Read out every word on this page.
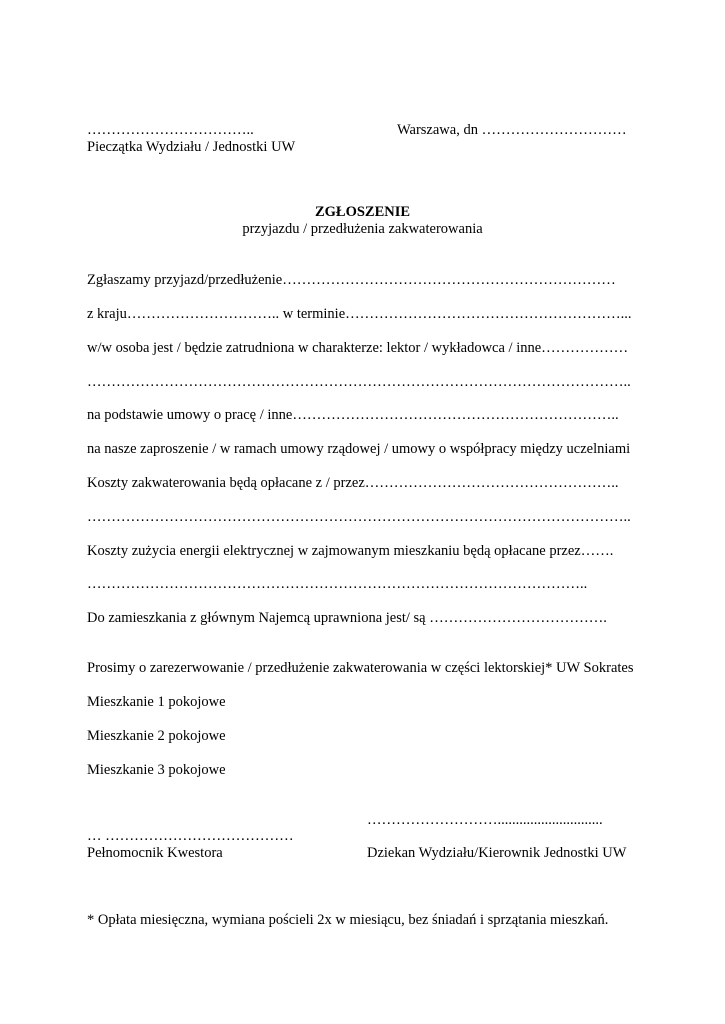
……………………………..
Pieczątka Wydziału / Jednostki UW
Warszawa, dn …………………………
ZGŁOSZENIE
przyjazdu / przedłużenia zakwaterowania
Zgłaszamy przyjazd/przedłużenie……………………………………………………………
z kraju………………………….. w terminie…………………………………………………...
w/w osoba jest / będzie zatrudniona w charakterze: lektor / wykładowca / inne………………
…………………………………………………………………………………………………..
na podstawie umowy o pracę / inne…………………………………………………………..
na nasze zaproszenie / w ramach umowy rządowej / umowy o współpracy między uczelniami
Koszty zakwaterowania będą opłacane z / przez……………………………………………..
…………………………………………………………………………………………………..
Koszty zużycia energii elektrycznej w zajmowanym mieszkaniu będą opłacane przez…….
…………………………………………………………………………………………..
Do zamieszkania z głównym Najemcą uprawniona jest/ są ……………………………….
Prosimy o zarezerwowanie / przedłużenie zakwaterowania w części lektorskiej* UW Sokrates
Mieszkanie 1 pokojowe
Mieszkanie 2 pokojowe
Mieszkanie 3 pokojowe
……………………….............................
… …………………………………
Pełnomocnik Kwestora	Dziekan Wydziału/Kierownik Jednostki UW
* Opłata miesięczna, wymiana pościeli 2x w miesiącu, bez śniadań i sprzątania mieszkań.
